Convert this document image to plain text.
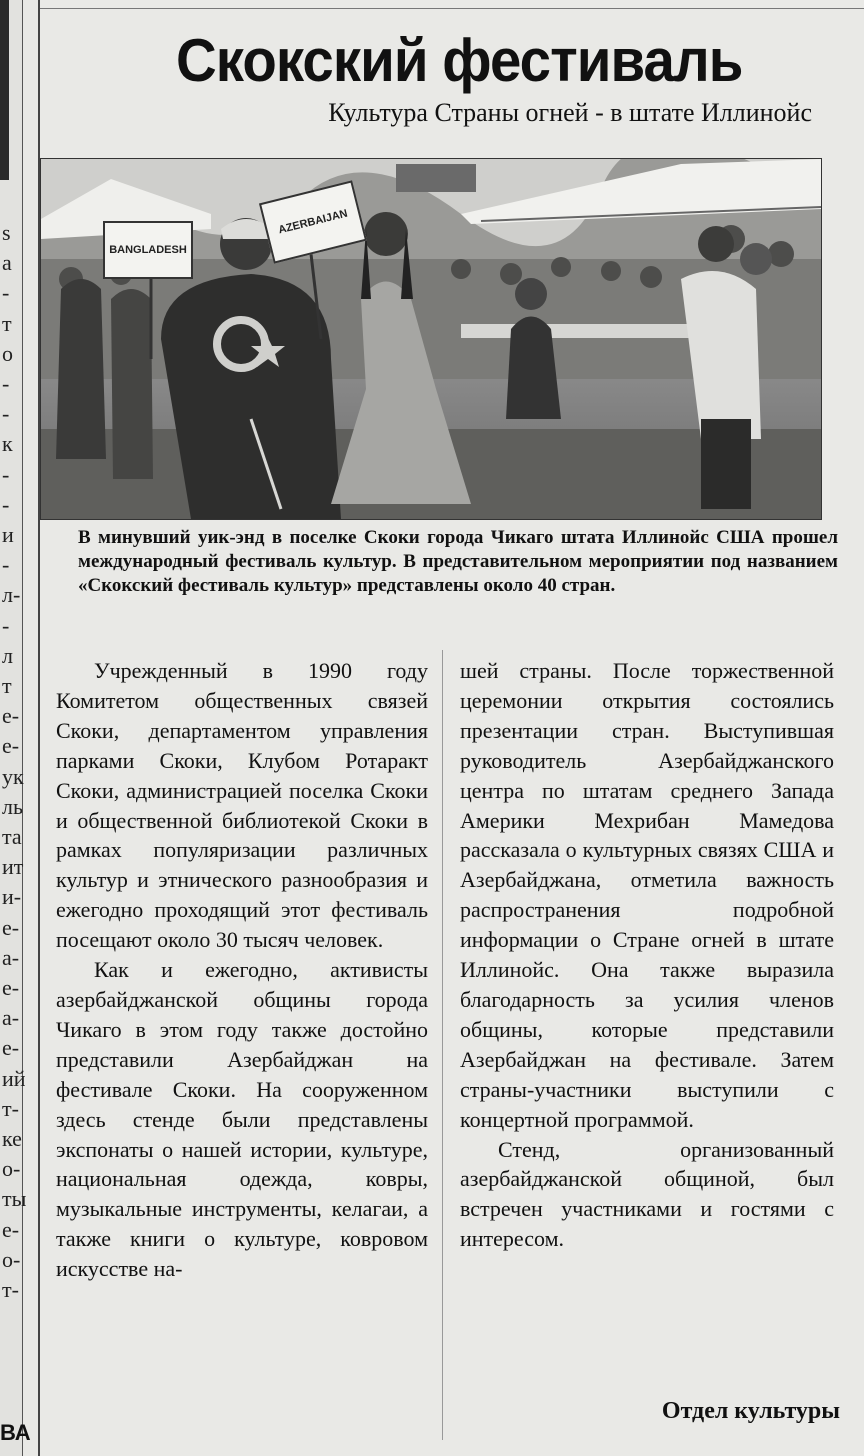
s
a
-
т
о
-
-
к
-
-
и
-
л-
-
л
т
е-
е-
ук
ль
та
ит
и-
е-
а-
е-
а-
е-
ий
т-
ке
о-
ты
е-
о-
т-
ВА
Скокский фестиваль
Культура Страны огней - в штате Иллинойс
BANGLADESH
AZERBAIJAN
В минувший уик-энд в поселке Скоки города Чикаго штата Иллинойс США прошел международный фестиваль культур. В представительном мероприятии под названием «Скокский фестиваль культур» представлены около 40 стран.

Учрежденный в 1990 году Комитетом общественных связей Скоки, департаментом управления парками Скоки, Клубом Ротаракт Скоки, администрацией поселка Скоки и общественной библиотекой Скоки в рамках популяризации различных культур и этнического разнообразия и ежегодно проходящий этот фестиваль посещают около 30 тысяч человек.

Как и ежегодно, активисты азербайджанской общины города Чикаго в этом году также достойно представили Азербайджан на фестивале Скоки. На сооруженном здесь стенде были представлены экспонаты о нашей истории, культуре, национальная одежда, ковры, музыкальные инструменты, келагаи, а также книги о культуре, ковровом искусстве на-

шей страны. После торжественной церемонии открытия состоялись презентации стран. Выступившая руководитель Азербайджанского центра по штатам среднего Запада Америки Мехрибан Мамедова рассказала о культурных связях США и Азербайджана, отметила важность распространения подробной информации о Стране огней в штате Иллинойс. Она также выразила благодарность за усилия членов общины, которые представили Азербайджан на фестивале. Затем страны-участники выступили с концертной программой.

Стенд, организованный азербайджанской общиной, был встречен участниками и гостями с интересом.

Отдел культуры
